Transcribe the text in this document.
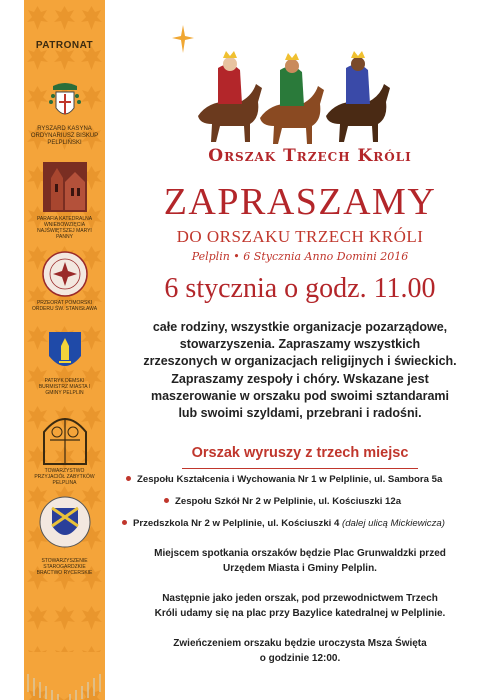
PATRONAT
RYSZARD KASYNA ORDYNARIUSZ BISKUP PELPLIŃSKI
PARAFIA KATEDRALNA WNIEBOWZIĘCIA NAJŚWIĘTSZEJ MARYI PANNY
PRZEORAT POMORSKI ORDERU ŚW. STANISŁAWA
PATRYK DEMSKI BURMISTRZ MIASTA I GMINY PELPLIN
TOWARZYSTWO PRZYJACIÓŁ ZABYTKÓW PELPLINA
STOWARZYSZENIE STAROGARDZKIE BRACTWO RYCERSKIE
Orszak Trzech Króli
ZAPRASZAMY
DO ORSZAKU TRZECH KRÓLI
Pelplin • 6 Stycznia Anno Domini 2016
6 stycznia o godz. 11.00
całe rodziny, wszystkie organizacje pozarządowe,
stowarzyszenia. Zapraszamy wszystkich
zrzeszonych w organizacjach religijnych i świeckich.
Zapraszamy zespoły i chóry. Wskazane jest
maszerowanie w orszaku pod swoimi sztandarami
lub swoimi szyldami, przebrani i radośni.
Orszak wyruszy z trzech miejsc
Zespołu Kształcenia i Wychowania Nr 1 w Pelplinie, ul. Sambora 5a
Zespołu Szkół Nr 2 w Pelplinie, ul. Kościuszki 12a
Przedszkola Nr 2 w Pelplinie, ul. Kościuszki 4 (dalej ulicą Mickiewicza)
Miejscem spotkania orszaków będzie Plac Grunwaldzki przed
Urzędem Miasta i Gminy Pelplin.
Następnie jako jeden orszak, pod przewodnictwem Trzech
Króli udamy się na plac przy Bazylice katedralnej w Pelplinie.
Zwieńczeniem orszaku będzie uroczysta Msza Święta
o godzinie 12:00.
